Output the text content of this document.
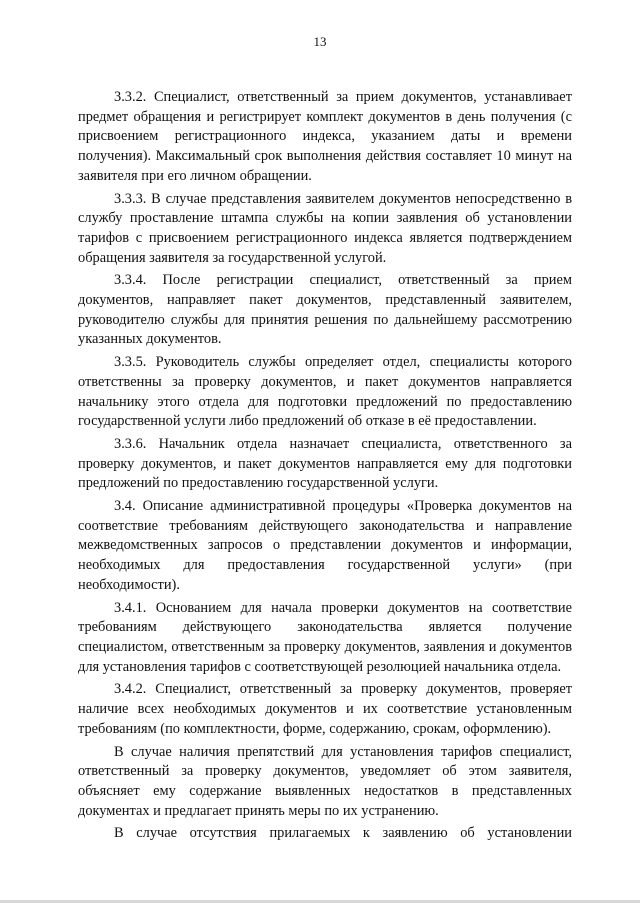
13

3.3.2. Специалист, ответственный за прием документов, устанавливает предмет обращения и регистрирует комплект документов в день получения (с присвоением регистрационного индекса, указанием даты и времени получения). Максимальный срок выполнения действия составляет 10 минут на заявителя при его личном обращении.

3.3.3. В случае представления заявителем документов непосредственно в службу проставление штампа службы на копии заявления об установлении тарифов с присвоением регистрационного индекса является подтверждением обращения заявителя за государственной услугой.

3.3.4. После регистрации специалист, ответственный за прием документов, направляет пакет документов, представленный заявителем, руководителю службы для принятия решения по дальнейшему рассмотрению указанных документов.

3.3.5. Руководитель службы определяет отдел, специалисты которого ответственны за проверку документов, и пакет документов направляется начальнику этого отдела для подготовки предложений по предоставлению государственной услуги либо предложений об отказе в её предоставлении.

3.3.6. Начальник отдела назначает специалиста, ответственного за проверку документов, и пакет документов направляется ему для подготовки предложений по предоставлению государственной услуги.

3.4. Описание административной процедуры «Проверка документов на соответствие требованиям действующего законодательства и направление межведомственных запросов о представлении документов и информации, необходимых для предоставления государственной услуги» (при необходимости).

3.4.1. Основанием для начала проверки документов на соответствие требованиям действующего законодательства является получение специалистом, ответственным за проверку документов, заявления и документов для установления тарифов с соответствующей резолюцией начальника отдела.

3.4.2. Специалист, ответственный за проверку документов, проверяет наличие всех необходимых документов и их соответствие установленным требованиям (по комплектности, форме, содержанию, срокам, оформлению).

В случае наличия препятствий для установления тарифов специалист, ответственный за проверку документов, уведомляет об этом заявителя, объясняет ему содержание выявленных недостатков в представленных документах и предлагает принять меры по их устранению.

В случае отсутствия прилагаемых к заявлению об установлении
